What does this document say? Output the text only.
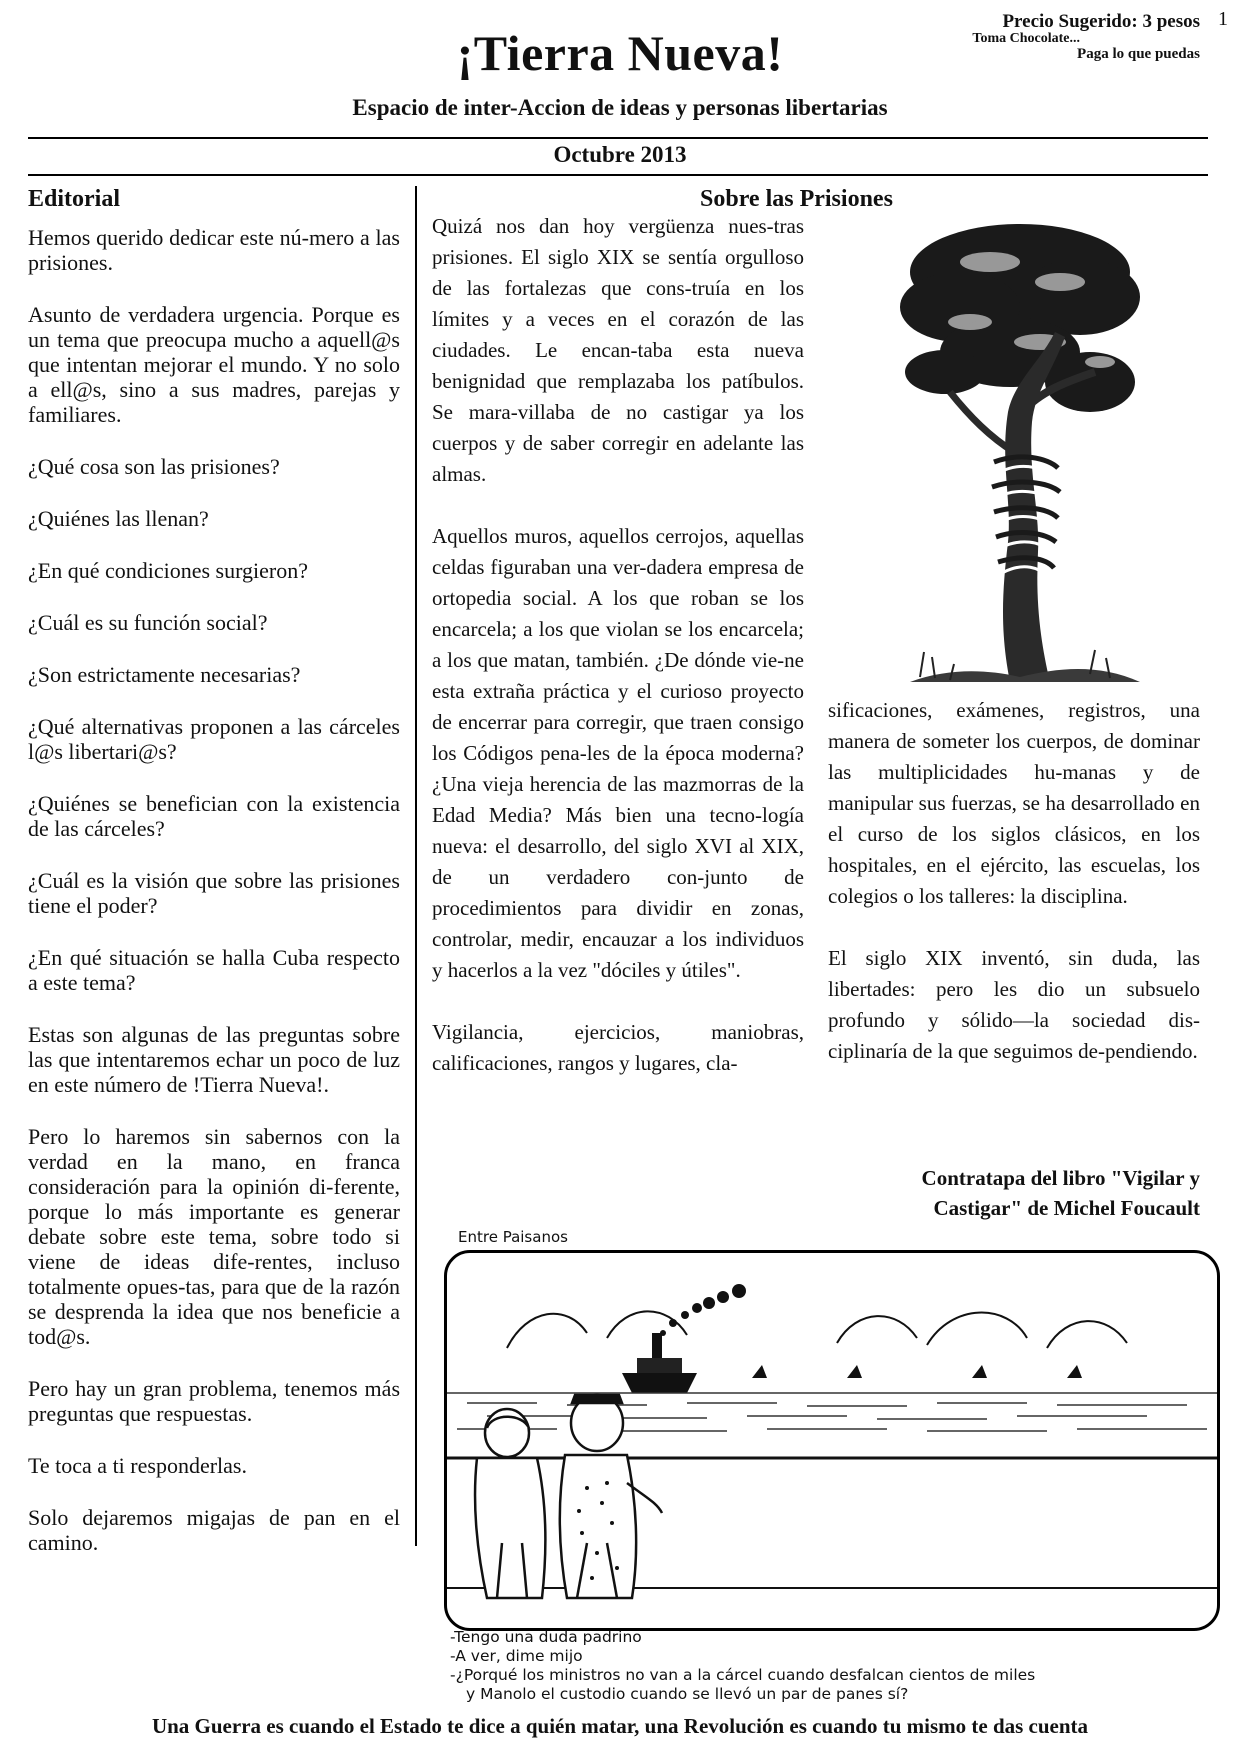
1
Precio Sugerido: 3 pesos
Toma Chocolate...
Paga lo que puedas
¡Tierra Nueva!
Espacio de inter-Accion de ideas y personas libertarias
Octubre 2013
Editorial

Hemos querido dedicar este nú-mero a las prisiones.

Asunto de verdadera urgencia. Porque es un tema que preocupa mucho a aquell@s que intentan mejorar el mundo. Y no solo a ell@s, sino a sus madres, parejas y familiares.

¿Qué cosa son las prisiones?

¿Quiénes las llenan?

¿En qué condiciones surgieron?

¿Cuál es su función social?

¿Son estrictamente necesarias?

¿Qué alternativas proponen a las cárceles l@s libertari@s?

¿Quiénes se benefician con la existencia de las cárceles?

¿Cuál es la visión que sobre las prisiones tiene el poder?

¿En qué situación se halla Cuba respecto a este tema?

Estas son algunas de las preguntas sobre las que intentaremos echar un poco de luz en este número de !Tierra Nueva!.

Pero lo haremos sin sabernos con la verdad en la mano, en franca consideración para la opinión di-ferente, porque lo más importante es generar debate sobre este tema, sobre todo si viene de ideas dife-rentes, incluso totalmente opues-tas, para que de la razón se desprenda la idea que nos beneficie a tod@s.

Pero hay un gran problema, tenemos más preguntas que respuestas.

Te toca a ti responderlas.

Solo dejaremos migajas de pan en el camino.

Sobre las Prisiones

Quizá nos dan hoy vergüenza nues-tras prisiones. El siglo XIX se sentía orgulloso de las fortalezas que cons-truía en los límites y a veces en el corazón de las ciudades. Le encan-taba esta nueva benignidad que remplazaba los patíbulos. Se mara-villaba de no castigar ya los cuerpos y de saber corregir en adelante las almas.

Aquellos muros, aquellos cerrojos, aquellas celdas figuraban una ver-dadera empresa de ortopedia social. A los que roban se los encarcela; a los que violan se los encarcela; a los que matan, también. ¿De dónde vie-ne esta extraña práctica y el curioso proyecto de encerrar para corregir, que traen consigo los Códigos pena-les de la época moderna? ¿Una vieja herencia de las mazmorras de la Edad Media? Más bien una tecno-logía nueva: el desarrollo, del siglo XVI al XIX, de un verdadero con-junto de procedimientos para dividir en zonas, controlar, medir, encauzar a los individuos y hacerlos a la vez "dóciles y útiles".

Vigilancia, ejercicios, maniobras, calificaciones, rangos y lugares, cla-

sificaciones, exámenes, registros, una manera de someter los cuerpos, de dominar las multiplicidades hu-manas y de manipular sus fuerzas, se ha desarrollado en el curso de los siglos clásicos, en los hospitales, en el ejército, las escuelas, los colegios o los talleres: la disciplina.

El siglo XIX inventó, sin duda, las libertades: pero les dio un subsuelo profundo y sólido—la sociedad dis-ciplinaría de la que seguimos de-pendiendo.

Contratapa del libro "Vigilar y
Castigar" de Michel Foucault
Entre Paisanos
-Tengo una duda padrino
-A ver, dime mijo
-¿Porqué los ministros no van a la cárcel cuando desfalcan cientos de miles
y Manolo el custodio cuando se llevó un par de panes sí?
Una Guerra es cuando el Estado te dice a quién matar, una Revolución es cuando tu mismo te das cuenta
